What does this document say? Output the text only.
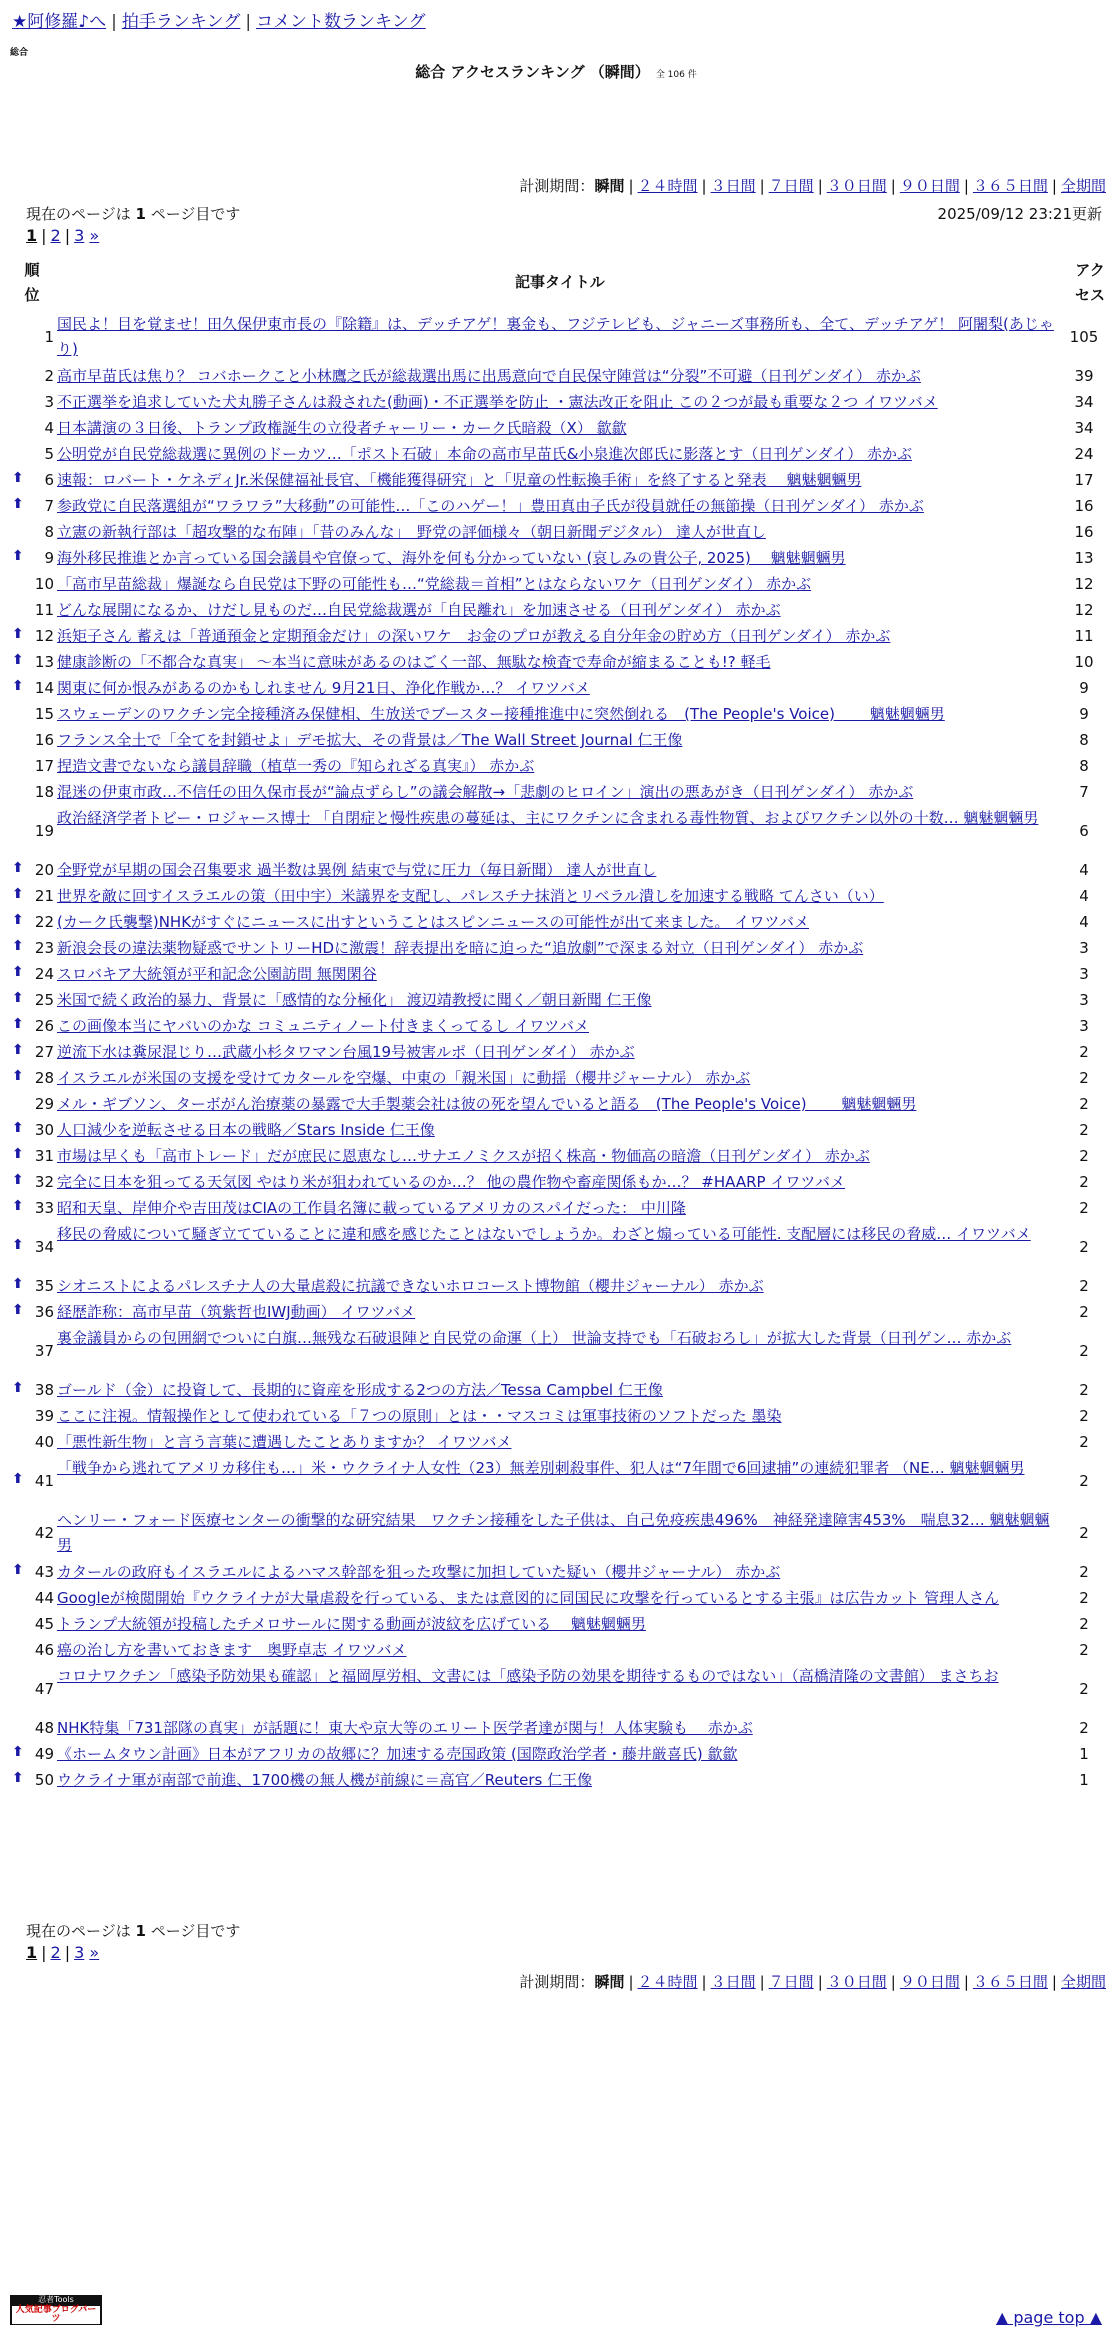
★阿修羅♪へ | 拍手ランキング | コメント数ランキング
総合
総合 アクセスランキング （瞬間） 全 106 件
計測期間：瞬間 | ２４時間 | ３日間 | ７日間 | ３０日間 | ９０日間 | ３６５日間 | 全期間
現在のページは 1 ページ目です	2025/09/12 23:21更新
1 | 2 | 3 »
順位
記事タイトル
アクセス
1
国民よ！目を覚ませ！田久保伊東市長の『除籍』は、デッチアゲ！裏金も、フジテレビも、ジャニーズ事務所も、全て、デッチアゲ！ 阿闍梨(あじゃり)
105
2 高市早苗氏は焦り？ コバホークこと小林鷹之氏が総裁選出馬に出馬意向で自民保守陣営は“分裂”不可避（日刊ゲンダイ） 赤かぶ	39
3 不正選挙を追求していた犬丸勝子さんは殺された(動画)・不正選挙を防止 ・憲法改正を阻止 この２つが最も重要な２つ イワツバメ	34
4 日本講演の３日後、トランプ政権誕生の立役者チャーリー・カーク氏暗殺（X） 歙歙	34
5 公明党が自民党総裁選に異例のドーカツ…「ポスト石破」本命の高市早苗氏&小泉進次郎氏に影落とす（日刊ゲンダイ） 赤かぶ	24
⬆	6 速報：ロバート・ケネディJr.米保健福祉長官、「機能獲得研究」と「児童の性転換手術」を終了すると発表　 魑魅魍魎男	17
⬆	7 参政党に自民落選組が“ワラワラ”大移動”の可能性…「このハゲー！」豊田真由子氏が役員就任の無節操（日刊ゲンダイ） 赤かぶ	16
8 立憲の新執行部は「超攻撃的な布陣」「昔のみんな」　野党の評価様々（朝日新聞デジタル） 達人が世直し	16
⬆	9 海外移民推進とか言っている国会議員や官僚って、海外を何も分かっていない (哀しみの貴公子, 2025)　 魑魅魍魎男	13
10 「高市早苗総裁」爆誕なら自民党は下野の可能性も…“党総裁＝首相”とはならないワケ（日刊ゲンダイ） 赤かぶ	12
11 どんな展開になるか、けだし見ものだ…自民党総裁選が「自民離れ」を加速させる（日刊ゲンダイ） 赤かぶ	12
⬆ 12 浜矩子さん 蓄えは「普通預金と定期預金だけ」の深いワケ　お金のプロが教える自分年金の貯め方（日刊ゲンダイ） 赤かぶ	11
⬆ 13 健康診断の「不都合な真実」 〜本当に意味があるのはごく一部、無駄な検査で寿命が縮まることも!? 軽毛	10
⬆ 14 関東に何か恨みがあるのかもしれません 9月21日、浄化作戦か…？ イワツバメ	9
15 スウェーデンのワクチン完全接種済み保健相、生放送でブースター接種推進中に突然倒れる　(The People's Voice)　　 魑魅魍魎男	9
16 フランス全土で「全てを封鎖せよ」デモ拡大、その背景は／The Wall Street Journal 仁王像	8
17 捏造文書でないなら議員辞職（植草一秀の『知られざる真実』） 赤かぶ	8
18 混迷の伊東市政…不信任の田久保市長が“論点ずらし”の議会解散→「悲劇のヒロイン」演出の悪あがき（日刊ゲンダイ） 赤かぶ	7
19
政治経済学者トビー・ロジャース博士 「自閉症と慢性疾患の蔓延は、主にワクチンに含まれる毒性物質、およびワクチン以外の十数… 魑魅魍魎男
6
⬆ 20 全野党が早期の国会召集要求 過半数は異例 結束で与党に圧力（毎日新聞） 達人が世直し	4
⬆ 21 世界を敵に回すイスラエルの策（田中宇）米議界を支配し、パレスチナ抹消とリベラル潰しを加速する戦略 てんさい（い）	4
⬆ 22 (カーク氏襲撃)NHKがすぐにニュースに出すということはスピンニュースの可能性が出て来ました。 イワツバメ	4
⬆ 23 新浪会長の違法薬物疑惑でサントリーHDに激震！辞表提出を暗に迫った“追放劇”で深まる対立（日刊ゲンダイ） 赤かぶ	3
⬆ 24 スロバキア大統領が平和記念公園訪問 無関閑谷	3
⬆ 25 米国で続く政治的暴力、背景に「感情的な分極化」 渡辺靖教授に聞く／朝日新聞 仁王像	3
⬆ 26 この画像本当にヤバいのかな コミュニティノート付きまくってるし イワツバメ	3
⬆ 27 逆流下水は糞尿混じり…武蔵小杉タワマン台風19号被害ルポ（日刊ゲンダイ） 赤かぶ	2
⬆ 28 イスラエルが米国の支援を受けてカタールを空爆、中東の「親米国」に動揺（櫻井ジャーナル） 赤かぶ	2
29 メル・ギブソン、ターボがん治療薬の暴露で大手製薬会社は彼の死を望んでいると語る　(The People's Voice)　　 魑魅魍魎男	2
⬆ 30 人口減少を逆転させる日本の戦略／Stars Inside 仁王像	2
⬆ 31 市場は早くも「高市トレード」だが庶民に恩恵なし…サナエノミクスが招く株高・物価高の暗澹（日刊ゲンダイ） 赤かぶ	2
⬆ 32 完全に日本を狙ってる天気図 やはり米が狙われているのか…？ 他の農作物や畜産関係もか…？ #HAARP イワツバメ	2
⬆ 33 昭和天皇、岸伸介や吉田茂はCIAの工作員名簿に載っているアメリカのスパイだった： 中川隆	2
⬆ 34
移民の脅威について騒ぎ立てていることに違和感を感じたことはないでしょうか。わざと煽っている可能性. 支配層には移民の脅威… イワツバメ
2
⬆ 35 シオニストによるパレスチナ人の大量虐殺に抗議できないホロコースト博物館（櫻井ジャーナル） 赤かぶ	2
⬆ 36 経歴詐称：高市早苗（筑紫哲也IWJ動画） イワツバメ	2
37
裏金議員からの包囲網でついに白旗…無残な石破退陣と自民党の命運（上） 世論支持でも「石破おろし」が拡大した背景（日刊ゲン… 赤かぶ
2
⬆ 38 ゴールド（金）に投資して、長期的に資産を形成する2つの方法／Tessa Campbel 仁王像	2
39 ここに注視。情報操作として使われている「７つの原則」とは・・マスコミは軍事技術のソフトだった 墨染	2
40 「悪性新生物」と言う言葉に遭遇したことありますか？ イワツバメ	2
⬆ 41
「戦争から逃れてアメリカ移住も…」米・ウクライナ人女性（23）無差別刺殺事件、犯人は“7年間で6回逮捕”の連続犯罪者 （NE… 魑魅魍魎男
2
42
ヘンリー・フォード医療センターの衝撃的な研究結果　ワクチン接種をした子供は、自己免疫疾患496%　神経発達障害453%　喘息32… 魑魅魍魎男
2
⬆ 43 カタールの政府もイスラエルによるハマス幹部を狙った攻撃に加担していた疑い（櫻井ジャーナル） 赤かぶ	2
44 Googleが検閲開始『ウクライナが大量虐殺を行っている、または意図的に同国民に攻撃を行っているとする主張』は広告カット 管理人さん	2
45 トランプ大統領が投稿したチメロサールに関する動画が波紋を広げている　 魑魅魍魎男	2
46 癌の治し方を書いておきます　奥野卓志 イワツバメ	2
47
コロナワクチン「感染予防効果も確認」と福岡厚労相、文書には「感染予防の効果を期待するものではない」（高橋清隆の文書館） まさちお
2
48 NHK特集「731部隊の真実」が話題に！東大や京大等のエリート医学者達が関与！人体実験も　 赤かぶ	2
⬆ 49 《ホームタウン計画》日本がアフリカの故郷に？加速する売国政策 (国際政治学者・藤井厳喜氏) 歙歙	1
⬆ 50 ウクライナ軍が南部で前進、1700機の無人機が前線に＝高官／Reuters 仁王像	1
現在のページは 1 ページ目です
1 | 2 | 3 »
計測期間：瞬間 | ２４時間 | ３日間 | ７日間 | ３０日間 | ９０日間 | ３６５日間 | 全期間
忍者Tools
人気記事ブログパーツ
忍者アクセスRSS
▲ page top ▲
